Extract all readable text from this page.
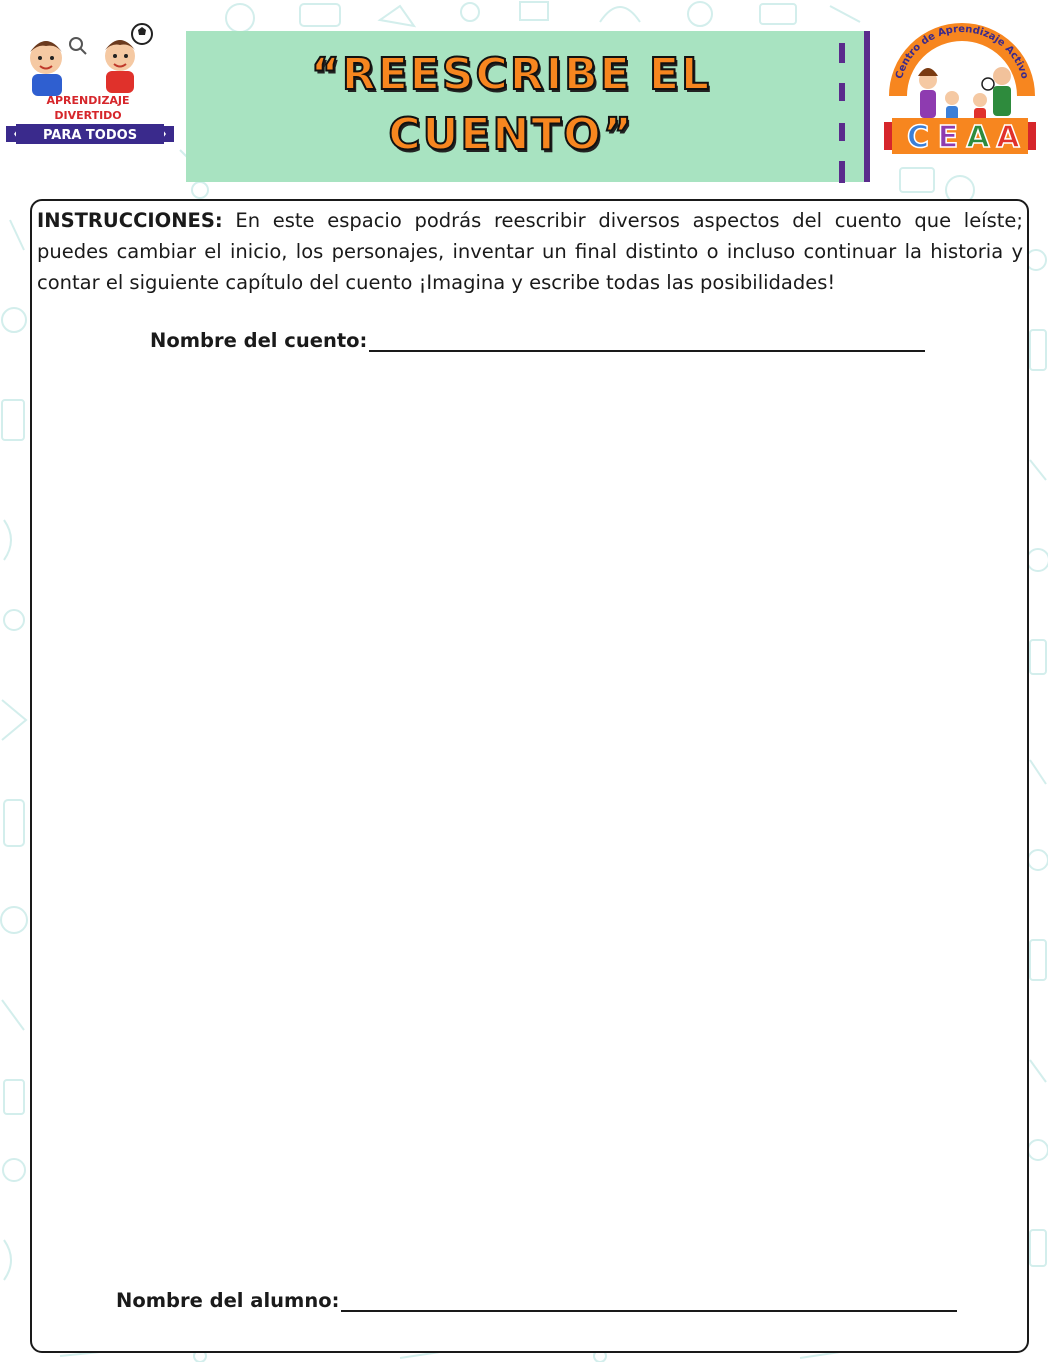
APRENDIZAJE
DIVERTIDO
PARA TODOS
“REESCRIBE EL
CUENTO”
Centro de Aprendizaje Activo
C E A A

INSTRUCCIONES: En este espacio podrás reescribir diversos aspectos del cuento que leíste; puedes cambiar el inicio, los personajes, inventar un final distinto o incluso continuar la historia y contar el siguiente capítulo del cuento ¡Imagina y escribe todas las posibilidades!

Nombre del cuento:
Nombre del alumno:
